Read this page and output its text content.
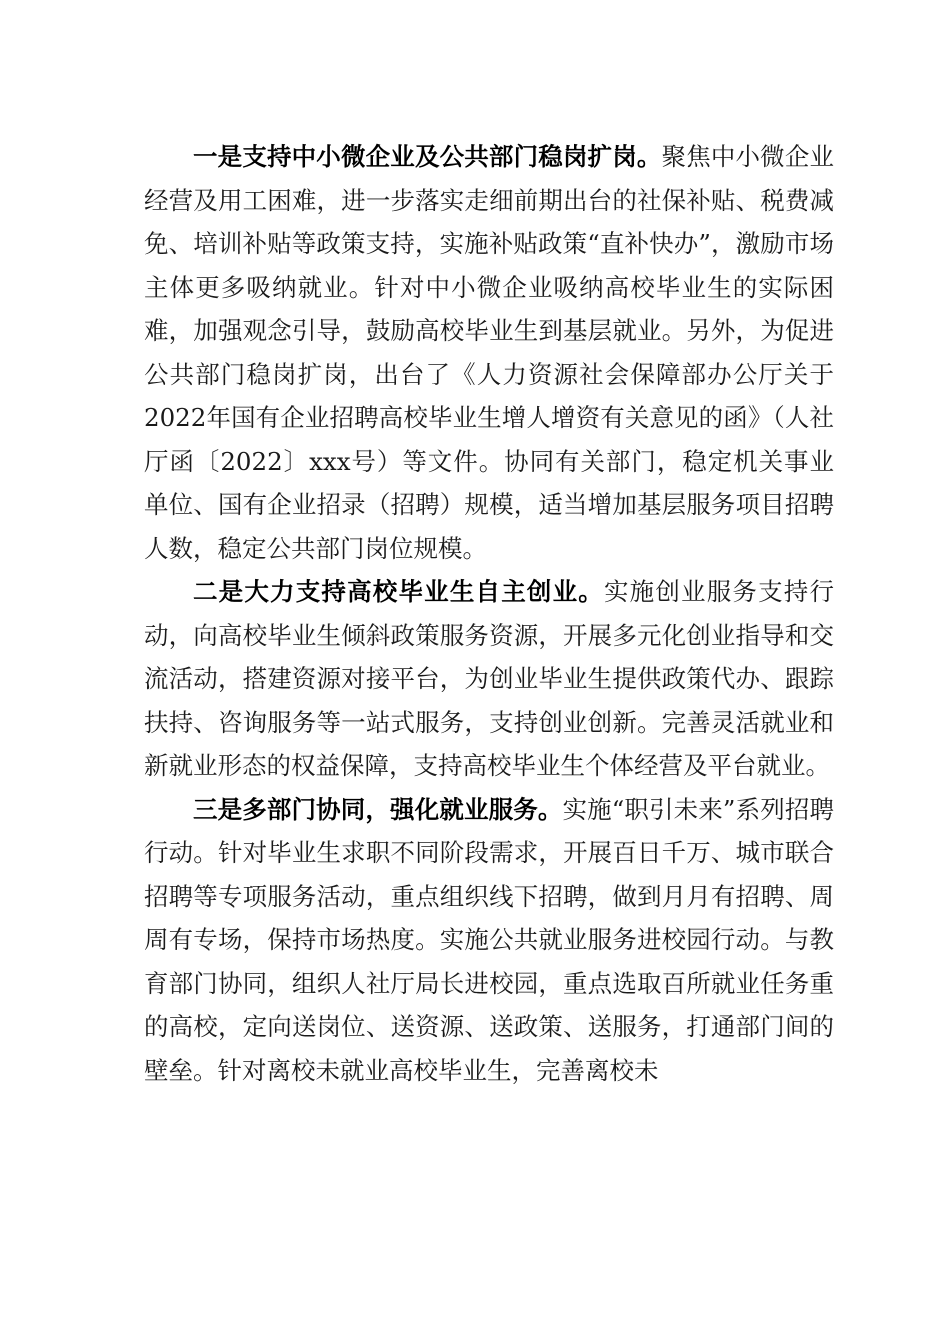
一是支持中小微企业及公共部门稳岗扩岗。聚焦中小微企业经营及用工困难，进一步落实走细前期出台的社保补贴、税费减免、培训补贴等政策支持，实施补贴政策“直补快办”，激励市场主体更多吸纳就业。针对中小微企业吸纳高校毕业生的实际困难，加强观念引导，鼓励高校毕业生到基层就业。另外，为促进公共部门稳岗扩岗，出台了《人力资源社会保障部办公厅关于2022年国有企业招聘高校毕业生增人增资有关意见的函》（人社厅函〔2022〕xxx号）等文件。协同有关部门，稳定机关事业单位、国有企业招录（招聘）规模，适当增加基层服务项目招聘人数，稳定公共部门岗位规模。

二是大力支持高校毕业生自主创业。实施创业服务支持行动，向高校毕业生倾斜政策服务资源，开展多元化创业指导和交流活动，搭建资源对接平台，为创业毕业生提供政策代办、跟踪扶持、咨询服务等一站式服务，支持创业创新。完善灵活就业和新就业形态的权益保障，支持高校毕业生个体经营及平台就业。

三是多部门协同，强化就业服务。实施“职引未来”系列招聘行动。针对毕业生求职不同阶段需求，开展百日千万、城市联合招聘等专项服务活动，重点组织线下招聘，做到月月有招聘、周周有专场，保持市场热度。实施公共就业服务进校园行动。与教育部门协同，组织人社厅局长进校园，重点选取百所就业任务重的高校，定向送岗位、送资源、送政策、送服务，打通部门间的壁垒。针对离校未就业高校毕业生，完善离校未
